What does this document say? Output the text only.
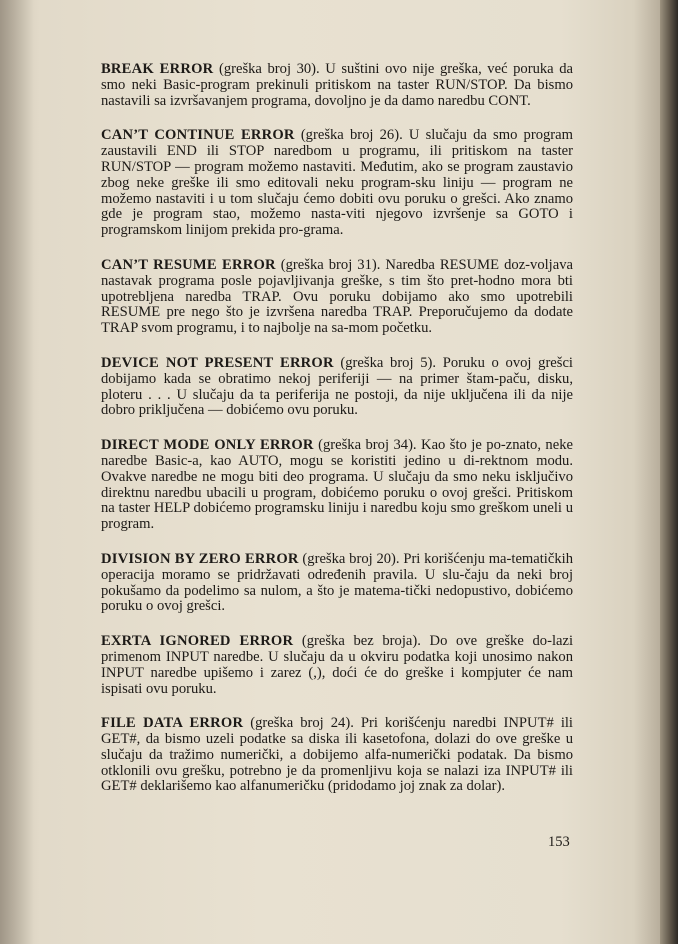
BREAK ERROR (greška broj 30). U suštini ovo nije greška, već poruka da smo neki Basic-program prekinuli pritiskom na taster RUN/STOP. Da bismo nastavili sa izvršavanjem programa, dovoljno je da damo naredbu CONT.

CAN’T CONTINUE ERROR (greška broj 26). U slučaju da smo program zaustavili END ili STOP naredbom u programu, ili pritiskom na taster RUN/STOP — program možemo nastaviti. Međutim, ako se program zaustavio zbog neke greške ili smo editovali neku program-sku liniju — program ne možemo nastaviti i u tom slučaju ćemo dobiti ovu poruku o grešci. Ako znamo gde je program stao, možemo nasta-viti njegovo izvršenje sa GOTO i programskom linijom prekida pro-grama.

CAN’T RESUME ERROR (greška broj 31). Naredba RESUME doz-voljava nastavak programa posle pojavljivanja greške, s tim što pret-hodno mora bti upotrebljena naredba TRAP. Ovu poruku dobijamo ako smo upotrebili RESUME pre nego što je izvršena naredba TRAP. Preporučujemo da dodate TRAP svom programu, i to najbolje na sa-mom početku.

DEVICE NOT PRESENT ERROR (greška broj 5). Poruku o ovoj grešci dobijamo kada se obratimo nekoj periferiji — na primer štam-paču, disku, ploteru . . . U slučaju da ta periferija ne postoji, da nije uključena ili da nije dobro priključena — dobićemo ovu poruku.

DIRECT MODE ONLY ERROR (greška broj 34). Kao što je po-znato, neke naredbe Basic-a, kao AUTO, mogu se koristiti jedino u di-rektnom modu. Ovakve naredbe ne mogu biti deo programa. U slučaju da smo neku isključivo direktnu naredbu ubacili u program, dobićemo poruku o ovoj grešci. Pritiskom na taster HELP dobićemo programsku liniju i naredbu koju smo greškom uneli u program.

DIVISION BY ZERO ERROR (greška broj 20). Pri korišćenju ma-tematičkih operacija moramo se pridržavati određenih pravila. U slu-čaju da neki broj pokušamo da podelimo sa nulom, a što je matema-tički nedopustivo, dobićemo poruku o ovoj grešci.

EXRTA IGNORED ERROR (greška bez broja). Do ove greške do-lazi primenom INPUT naredbe. U slučaju da u okviru podatka koji unosimo nakon INPUT naredbe upišemo i zarez (,), doći će do greške i kompjuter će nam ispisati ovu poruku.

FILE DATA ERROR (greška broj 24). Pri korišćenju naredbi INPUT# ili GET#, da bismo uzeli podatke sa diska ili kasetofona, dolazi do ove greške u slučaju da tražimo numerički, a dobijemo alfa-numerički podatak. Da bismo otklonili ovu grešku, potrebno je da promenljivu koja se nalazi iza INPUT# ili GET# deklarišemo kao alfanumeričku (pridodamo joj znak za dolar).

153
